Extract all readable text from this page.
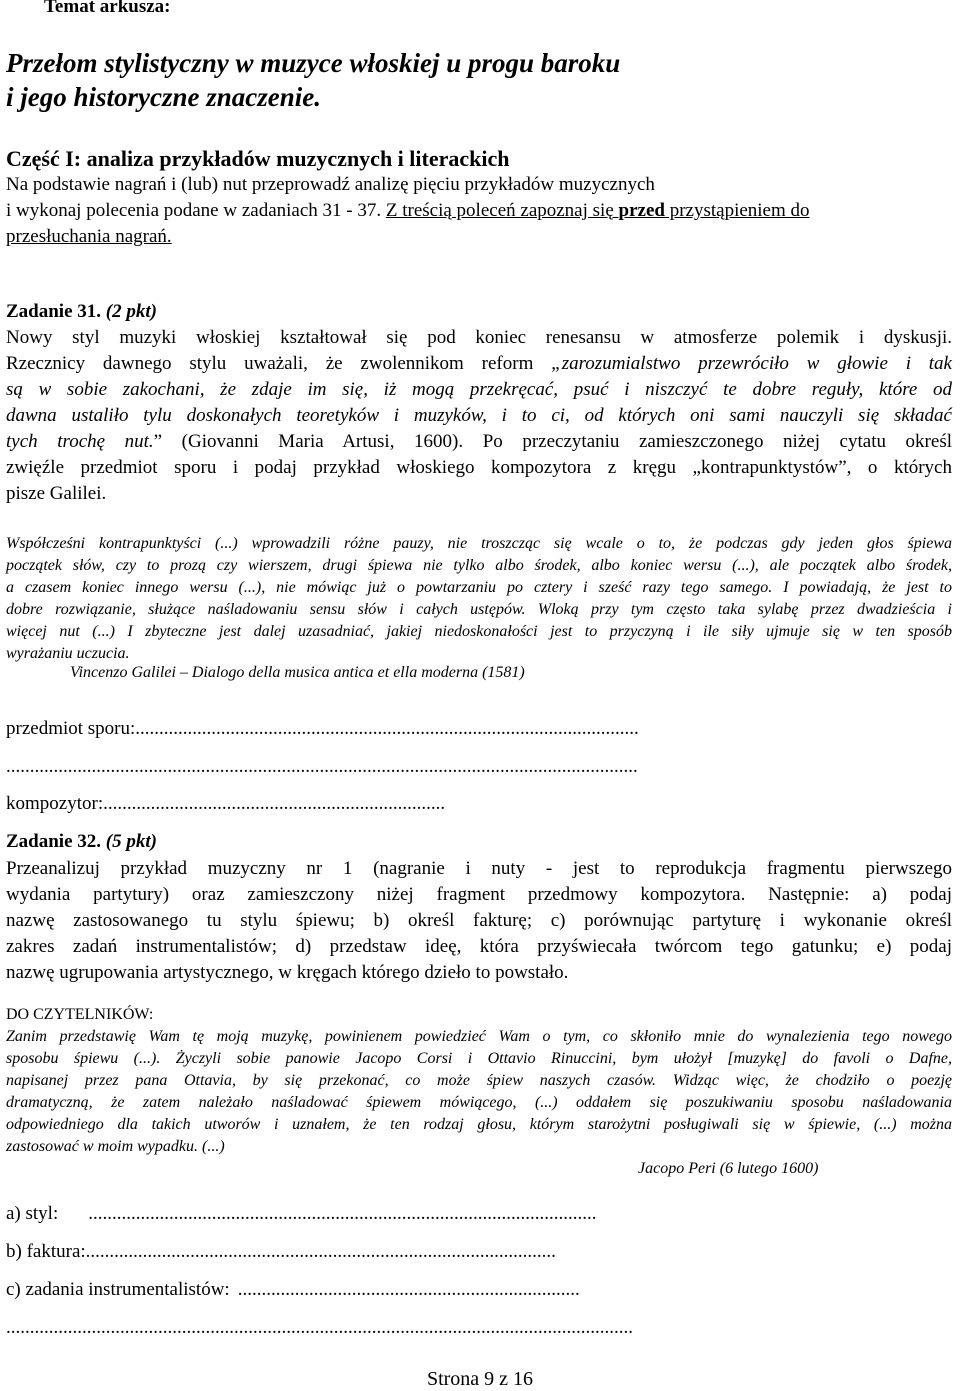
Temat arkusza:
Przełom stylistyczny w muzyce włoskiej u progu baroku
i jego historyczne znaczenie.
Część I: analiza przykładów muzycznych i literackich
Na podstawie nagrań i (lub) nut przeprowadź analizę pięciu przykładów muzycznych
i wykonaj polecenia podane w zadaniach 31 - 37. Z treścią poleceń zapoznaj się przed przystąpieniem do
przesłuchania nagrań.
Zadanie 31. (2 pkt)
Nowy styl muzyki włoskiej kształtował się pod koniec renesansu w atmosferze polemik i dyskusji.
Rzecznicy dawnego stylu uważali, że zwolennikom reform „zarozumialstwo przewróciło w głowie i tak
są w sobie zakochani, że zdaje im się, iż mogą przekręcać, psuć i niszczyć te dobre reguły, które od
dawna ustaliło tylu doskonałych teoretyków i muzyków, i to ci, od których oni sami nauczyli się składać
tych trochę nut.” (Giovanni Maria Artusi, 1600). Po przeczytaniu zamieszczonego niżej cytatu określ
zwięźle przedmiot sporu i podaj przykład włoskiego kompozytora z kręgu „kontrapunktystów”, o których
pisze Galilei.
Współcześni kontrapunktyści (...) wprowadzili różne pauzy, nie troszcząc się wcale o to, że podczas gdy jeden głos śpiewa
początek słów, czy to prozą czy wierszem, drugi śpiewa nie tylko albo środek, albo koniec wersu (...), ale początek albo środek,
a czasem koniec innego wersu (...), nie mówiąc już o powtarzaniu po cztery i sześć razy tego samego. I powiadają, że jest to
dobre rozwiązanie, służące naśladowaniu sensu słów i całych ustępów. Wloką przy tym często taka sylabę przez dwadzieścia i
więcej nut (...) I zbyteczne jest dalej uzasadniać, jakiej niedoskonałości jest to przyczyną i ile siły ujmuje się w ten sposób
wyrażaniu uczucia.
Vincenzo Galilei – Dialogo della musica antica et ella moderna (1581)
przedmiot sporu:..........................................................................................................
.....................................................................................................................................
kompozytor:........................................................................
Zadanie 32. (5 pkt)
Przeanalizuj przykład muzyczny nr 1 (nagranie i nuty - jest to reprodukcja fragmentu pierwszego
wydania partytury) oraz zamieszczony niżej fragment przedmowy kompozytora. Następnie: a) podaj
nazwę zastosowanego tu stylu śpiewu; b) określ fakturę; c) porównując partyturę i wykonanie określ
zakres zadań instrumentalistów; d) przedstaw ideę, która przyświecała twórcom tego gatunku; e) podaj
nazwę ugrupowania artystycznego, w kręgach którego dzieło to powstało.
DO CZYTELNIKÓW:
Zanim przedstawię Wam tę moją muzykę, powinienem powiedzieć Wam o tym, co skłoniło mnie do wynalezienia tego nowego
sposobu śpiewu (...). Życzyli sobie panowie Jacopo Corsi i Ottavio Rinuccini, bym ułożył [muzykę] do favoli o Dafne,
napisanej przez pana Ottavia, by się przekonać, co może śpiew naszych czasów. Widząc więc, że chodziło o poezję
dramatyczną, że zatem należało naśladować śpiewem mówiącego, (...) oddałem się poszukiwaniu sposobu naśladowania
odpowiedniego dla takich utworów i uznałem, że ten rodzaj głosu, którym starożytni posługiwali się w śpiewie, (...) można
zastosować w moim wypadku. (...)
Jacopo Peri (6 lutego 1600)
a) styl: ...........................................................................................................
b) faktura:...................................................................................................
c) zadania instrumentalistów: ........................................................................
....................................................................................................................................
Strona 9 z 16
